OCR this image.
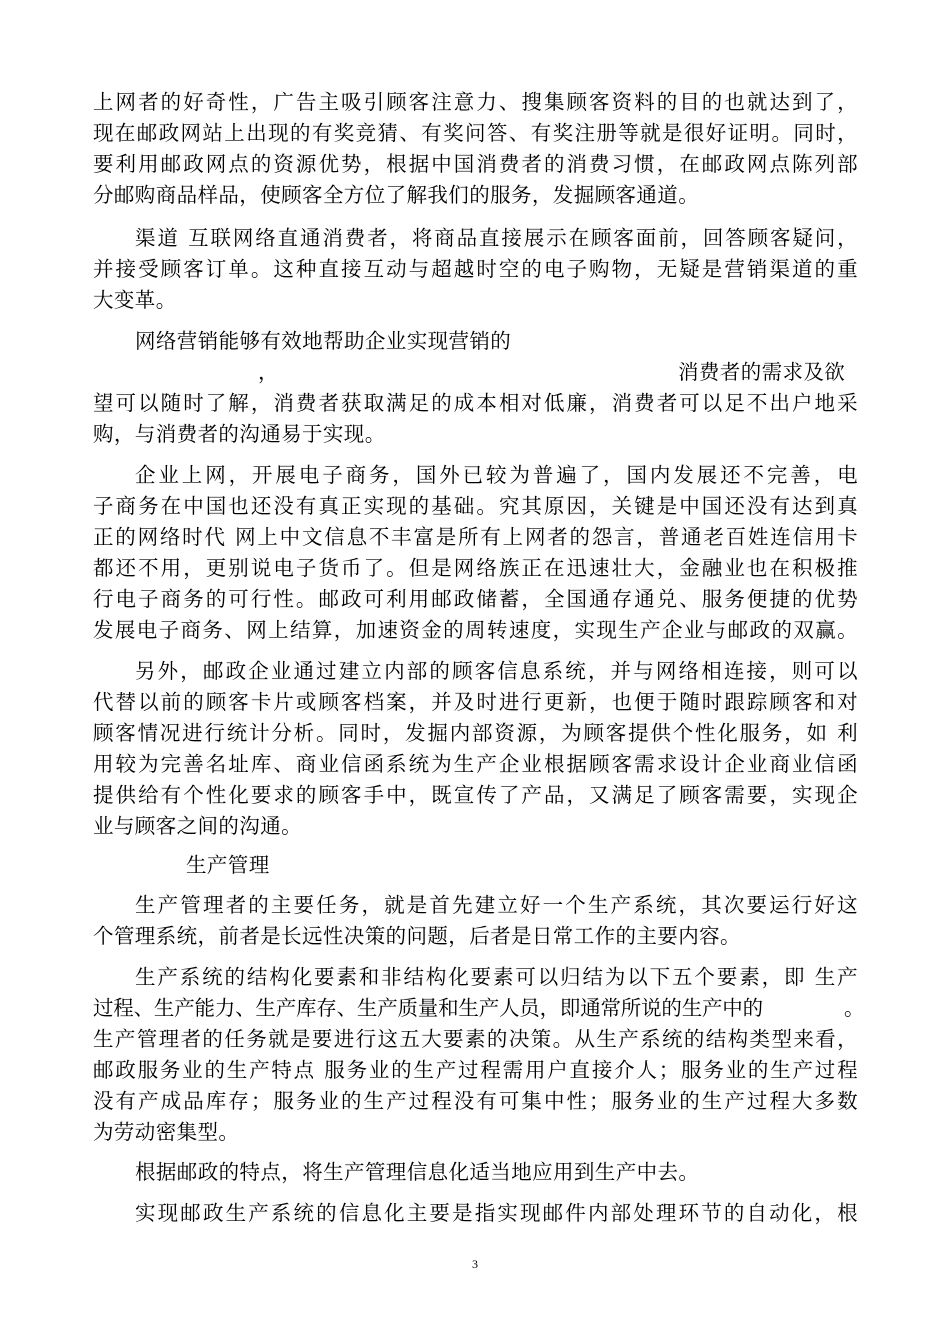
上网者的好奇性，广告主吸引顾客注意力、搜集顾客资料的目的也就达到了，
现在邮政网站上出现的有奖竞猜、有奖问答、有奖注册等就是很好证明。同时，
要利用邮政网点的资源优势，根据中国消费者的消费习惯，在邮政网点陈列部
分邮购商品样品，使顾客全方位了解我们的服务，发掘顾客通道。
渠道 互联网络直通消费者，将商品直接展示在顾客面前，回答顾客疑问，
并接受顾客订单。这种直接互动与超越时空的电子购物，无疑是营销渠道的重
大变革。
网络营销能够有效地帮助企业实现营销的
，	消费者的需求及欲
望可以随时了解，消费者获取满足的成本相对低廉，消费者可以足不出户地采
购，与消费者的沟通易于实现。
企业上网，开展电子商务，国外已较为普遍了，国内发展还不完善，电
子商务在中国也还没有真正实现的基础。究其原因，关键是中国还没有达到真
正的网络时代 网上中文信息不丰富是所有上网者的怨言，普通老百姓连信用卡
都还不用，更别说电子货币了。但是网络族正在迅速壮大，金融业也在积极推
行电子商务的可行性。邮政可利用邮政储蓄，全国通存通兑、服务便捷的优势
发展电子商务、网上结算，加速资金的周转速度，实现生产企业与邮政的双赢。
另外，邮政企业通过建立内部的顾客信息系统，并与网络相连接，则可以
代替以前的顾客卡片或顾客档案，并及时进行更新，也便于随时跟踪顾客和对
顾客情况进行统计分析。同时，发掘内部资源，为顾客提供个性化服务，如 利
用较为完善名址库、商业信函系统为生产企业根据顾客需求设计企业商业信函
提供给有个性化要求的顾客手中，既宣传了产品，又满足了顾客需要，实现企
业与顾客之间的沟通。
生产管理
生产管理者的主要任务，就是首先建立好一个生产系统，其次要运行好这
个管理系统，前者是长远性决策的问题，后者是日常工作的主要内容。
生产系统的结构化要素和非结构化要素可以归结为以下五个要素，即 生产
过程、生产能力、生产库存、生产质量和生产人员，即通常所说的生产中的	。
生产管理者的任务就是要进行这五大要素的决策。从生产系统的结构类型来看，
邮政服务业的生产特点 服务业的生产过程需用户直接介人；服务业的生产过程
没有产成品库存；服务业的生产过程没有可集中性；服务业的生产过程大多数
为劳动密集型。
根据邮政的特点，将生产管理信息化适当地应用到生产中去。
实现邮政生产系统的信息化主要是指实现邮件内部处理环节的自动化，根
3
